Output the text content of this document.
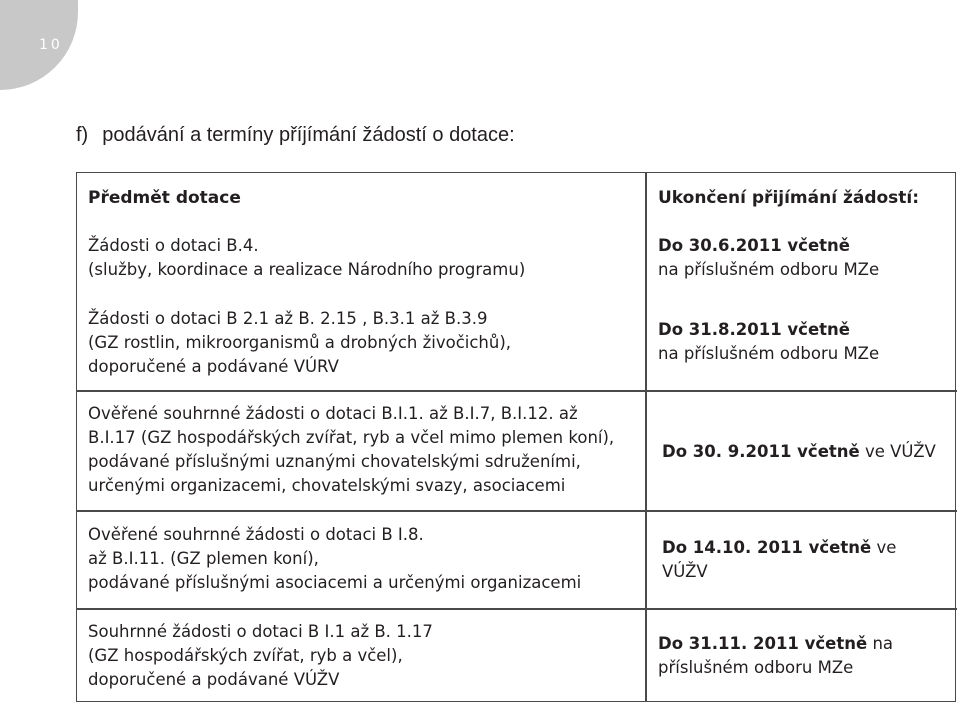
10
f) podávání a termíny příjímání žádostí o dotace:
Předmět dotace	Ukončení přijímání žádostí:
Žádosti o dotaci B.4.
(služby, koordinace a realizace Národního programu)
Do 30.6.2011 včetně
na příslušném odboru MZe
Žádosti o dotaci B 2.1 až B. 2.15 , B.3.1 až B.3.9
(GZ rostlin, mikroorganismů a drobných živočichů),
doporučené a podávané VÚRV
Do 31.8.2011 včetně
na příslušném odboru MZe
Ověřené souhrnné žádosti o dotaci B.I.1. až B.I.7, B.I.12. až
B.I.17 (GZ hospodářských zvířat, ryb a včel mimo plemen koní),
podávané příslušnými uznanými chovatelskými sdruženími,
určenými organizacemi, chovatelskými svazy, asociacemi
Do 30. 9.2011 včetně ve VÚŽV
Ověřené souhrnné žádosti o dotaci B I.8.
až B.I.11. (GZ plemen koní),
podávané příslušnými asociacemi a určenými organizacemi
Do 14.10. 2011 včetně ve
VÚŽV
Souhrnné žádosti o dotaci B I.1 až B. 1.17
(GZ hospodářských zvířat, ryb a včel),
doporučené a podávané VÚŽV
Do 31.11. 2011 včetně na
příslušném odboru MZe
